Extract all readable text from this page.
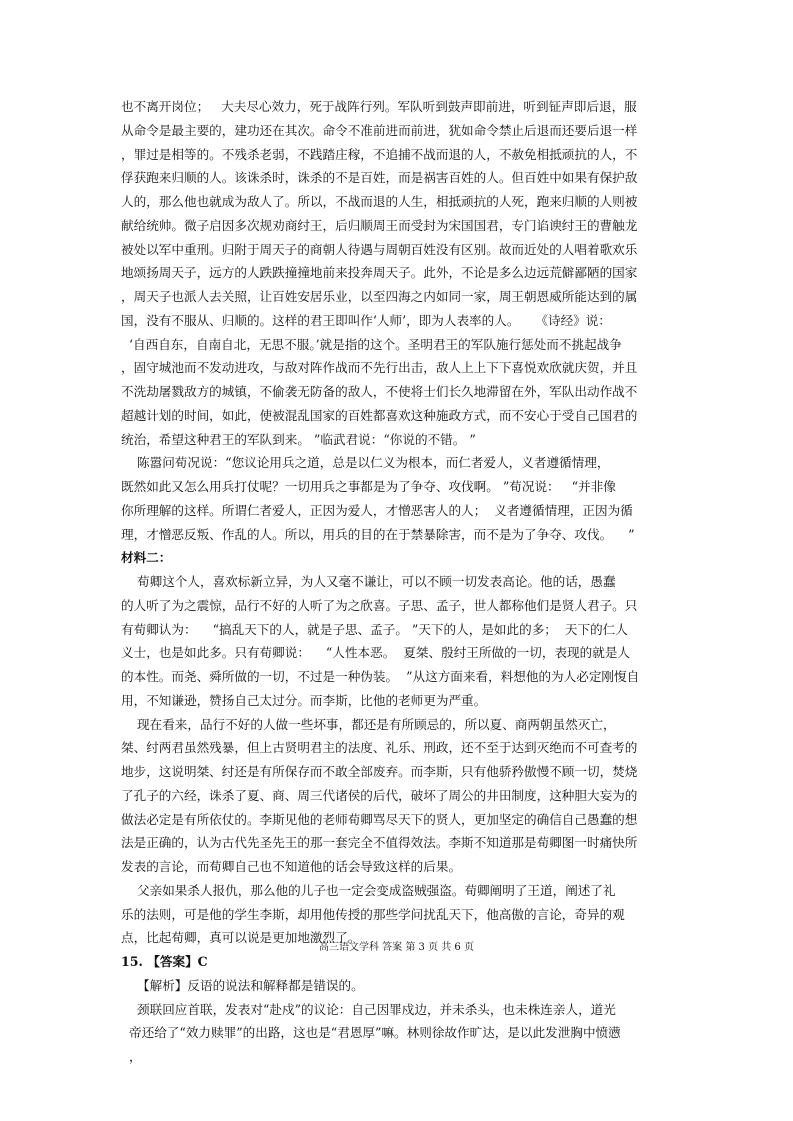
也不离开岗位；   大夫尽心效力，死于战阵行列。军队听到鼓声即前进，听到钲声即后退，服
从命令是最主要的，建功还在其次。命令不准前进而前进，犹如命令禁止后退而还要后退一样
，罪过是相等的。不残杀老弱，不践踏庄稼，不追捕不战而退的人，不赦免相抵顽抗的人，不
俘获跑来归顺的人。该诛杀时，诛杀的不是百姓，而是祸害百姓的人。但百姓中如果有保护敌
人的，那么他也就成为敌人了。所以，不战而退的人生，相抵顽抗的人死，跑来归顺的人则被
献给统帅。微子启因多次规劝商纣王，后归顺周王而受封为宋国国君，专门谄谀纣王的曹触龙
被处以军中重刑。归附于周天子的商朝人待遇与周朝百姓没有区别。故而近处的人唱着歌欢乐
地颂扬周天子，远方的人跌跌撞撞地前来投奔周天子。此外，不论是多么边远荒僻鄙陋的国家
，周天子也派人去关照，让百姓安居乐业，以至四海之内如同一家，周王朝恩威所能达到的属
国，没有不服从、归顺的。这样的君王即叫作‘人师’，即为人表率的人。    《诗经》说：
‘自西自东，自南自北，无思不服。’就是指的这个。圣明君王的军队施行惩处而不挑起战争
，固守城池而不发动进攻，与敌对阵作战而不先行出击，敌人上上下下喜悦欢欣就庆贺，并且
不洗劫屠戮敌方的城镇，不偷袭无防备的敌人，不使将士们长久地滞留在外，军队出动作战不
超越计划的时间，如此，使被混乱国家的百姓都喜欢这种施政方式，而不安心于受自己国君的
统治，希望这种君王的军队到来。 ”临武君说：“你说的不错。 ”
陈嚣问荀况说：“您议论用兵之道，总是以仁义为根本，而仁者爱人，义者遵循情理，
既然如此又怎么用兵打仗呢？一切用兵之事都是为了争夺、攻伐啊。 ”荀况说：   “并非像
你所理解的这样。所谓仁者爱人，正因为爱人，才憎恶害人的人；  义者遵循情理，正因为循
理，才憎恶反叛、作乱的人。所以，用兵的目的在于禁暴除害，而不是为了争夺、攻伐。    ”
材料二：
荀卿这个人，喜欢标新立异，为人又毫不谦让，可以不顾一切发表高论。他的话，愚蠢
的人听了为之震惊，品行不好的人听了为之欣喜。子思、孟子，世人都称他们是贤人君子。只
有荀卿认为：    “搞乱天下的人，就是子思、孟子。 ”天下的人，是如此的多；  天下的仁人
义士，也是如此多。只有荀卿说：    “人性本恶。  夏桀、殷纣王所做的一切，表现的就是人
的本性。而尧、舜所做的一切，不过是一种伪装。  ”从这方面来看，料想他的为人必定刚愎自
用，不知谦逊，赞扬自己太过分。而李斯，比他的老师更为严重。
现在看来，品行不好的人做一些坏事，都还是有所顾忌的，所以夏、商两朝虽然灭亡，
桀、纣两君虽然残暴，但上古贤明君主的法度、礼乐、刑政，还不至于达到灭绝而不可查考的
地步，这说明桀、纣还是有所保存而不敢全部废弃。而李斯，只有他骄矜傲慢不顾一切，焚烧
了孔子的六经，诛杀了夏、商、周三代诸侯的后代，破坏了周公的井田制度，这种胆大妄为的
做法必定是有所依仗的。李斯见他的老师荀卿骂尽天下的贤人，更加坚定的确信自己愚蠢的想
法是正确的，认为古代先圣先王的那一套完全不值得效法。李斯不知道那是荀卿图一时痛快所
发表的言论，而荀卿自己也不知道他的话会导致这样的后果。
父亲如果杀人报仇，那么他的儿子也一定会变成盗贼强盗。荀卿阐明了王道，阐述了礼
乐的法则，可是他的学生李斯，却用他传授的那些学问扰乱天下，他高傲的言论，奇异的观
点，比起荀卿，真可以说是更加地激烈了。
15. 【答案】C
【解析】反语的说法和解释都是错误的。
颈联回应首联，发表对“赴戍”的议论：自己因罪戍边，并未杀头，也未株连亲人，道光
帝还给了“效力赎罪”的出路，这也是“君恩厚”嘛。林则徐故作旷达，是以此发泄胸中愤懑
，
高三语文学科 答案 第 3 页 共 6 页
